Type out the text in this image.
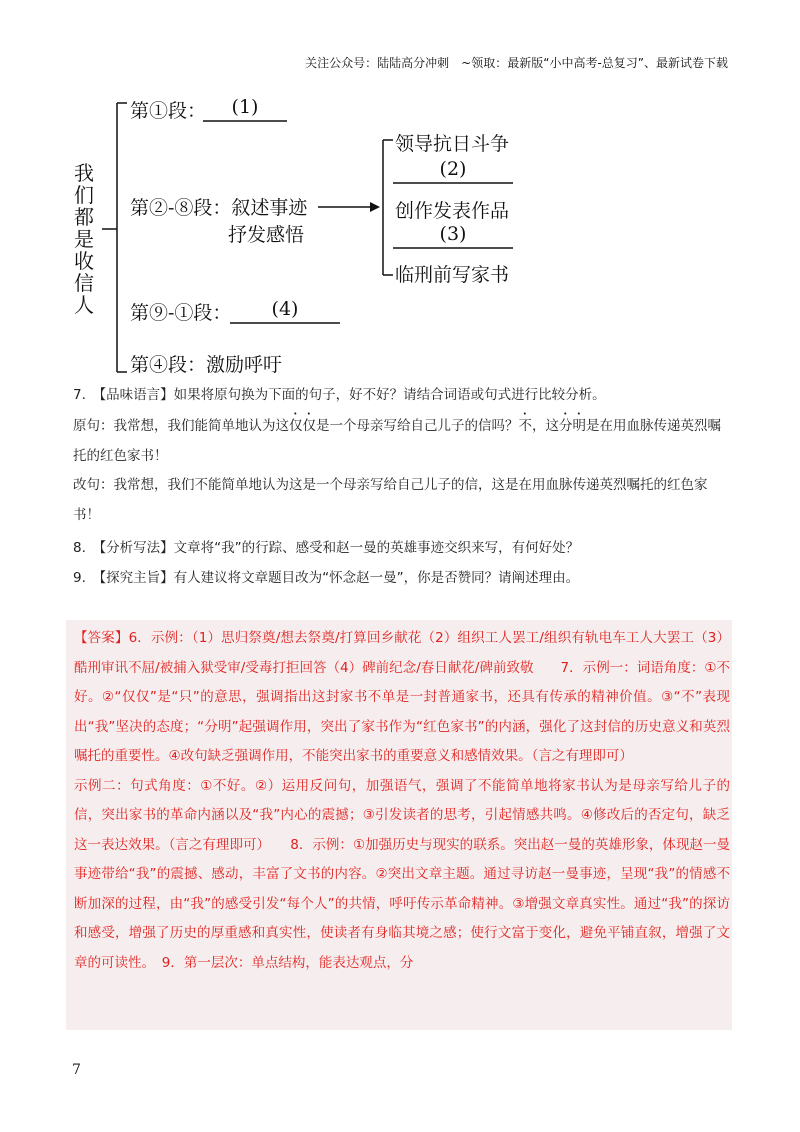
关注公众号：陆陆高分冲刺　~领取：最新版“小中高考-总复习”、最新试卷下载
我们都是收信人
第①段：	(1)
第②-⑧段：叙述事迹
抒发感悟
第⑨-①段：	(4)
第④段：激励呼吁
领导抗日斗争
(2)
创作发表作品
(3)
临刑前写家书
7.　【品味语言】如果将原句换为下面的句子，好不好？请结合词语或句式进行比较分析。
原句：我常想，我们能简单地认为这仅仅是一个母亲写给自己儿子的信吗？不，这分明是在用血脉传递英烈嘱托的红色家书！
改句：我常想，我们不能简单地认为这是一个母亲写给自己儿子的信，这是在用血脉传递英烈嘱托的红色家书！
8.　【分析写法】文章将“我”的行踪、感受和赵一曼的英雄事迹交织来写，有何好处？
9.　【探究主旨】有人建议将文章题目改为“怀念赵一曼”，你是否赞同？请阐述理由。
【答案】6．示例：（1）思归祭奠/想去祭奠/打算回乡献花（2）组织工人罢工/组织有轨电车工人大罢工（3）酷刑审讯不屈/被捕入狱受审/受毒打拒回答（4）碑前纪念/春日献花/碑前致敬　　7．示例一：词语角度：①不好。②“仅仅”是“只”的意思，强调指出这封家书不单是一封普通家书，还具有传承的精神价值。③“不”表现出“我”坚决的态度；“分明”起强调作用，突出了家书作为“红色家书”的内涵，强化了这封信的历史意义和英烈嘱托的重要性。④改句缺乏强调作用，不能突出家书的重要意义和感情效果。（言之有理即可）
示例二：句式角度：①不好。②）运用反问句，加强语气，强调了不能简单地将家书认为是母亲写给儿子的信，突出家书的革命内涵以及“我”内心的震撼；③引发读者的思考，引起情感共鸣。④修改后的否定句，缺乏这一表达效果。（言之有理即可）　　8．示例：①加强历史与现实的联系。突出赵一曼的英雄形象，体现赵一曼事迹带给“我”的震撼、感动，丰富了文书的内容。②突出文章主题。通过寻访赵一曼事迹，呈现“我”的情感不断加深的过程，由“我”的感受引发“每个人”的共情，呼吁传示革命精神。③增强文章真实性。通过“我”的探访和感受，增强了历史的厚重感和真实性，使读者有身临其境之感；使行文富于变化，避免平铺直叙，增强了文章的可读性。　9．第一层次：单点结构，能表达观点，分
7
